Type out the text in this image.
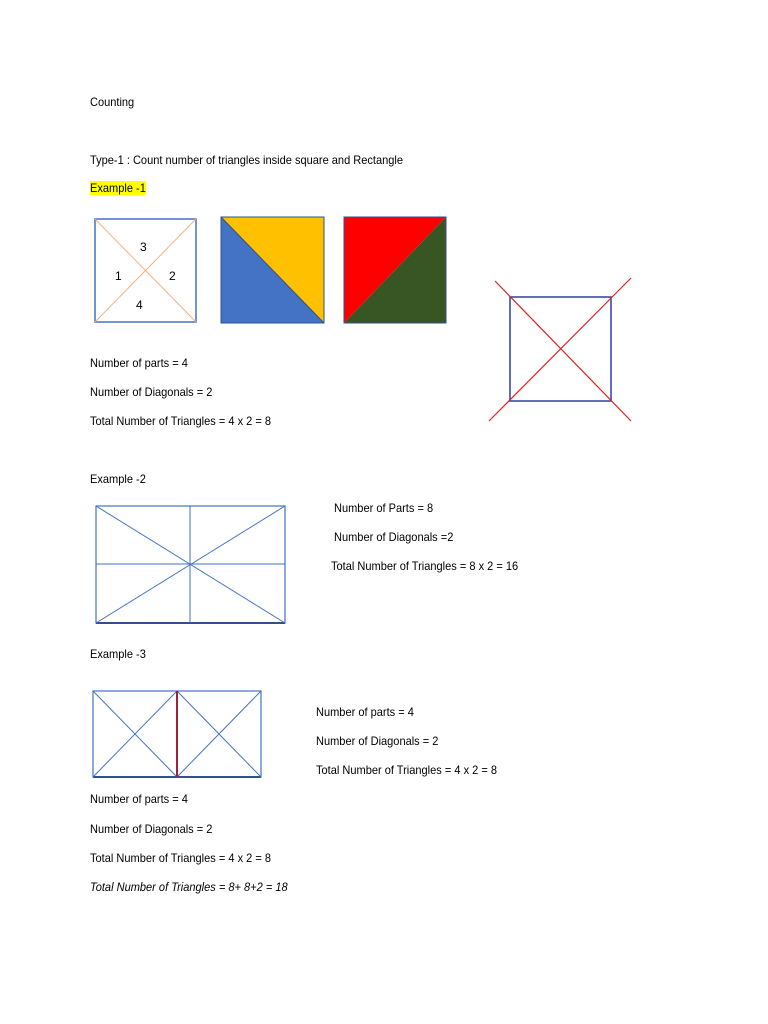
Counting
Type-1 : Count number of triangles inside square and Rectangle
Example -1
1	2
3
4
Number of parts = 4
Number of Diagonals = 2
Total Number of Triangles = 4 x 2 = 8
Example -2
Number of Parts = 8
Number of Diagonals =2
Total Number of Triangles = 8 x 2 = 16
Example -3
Number of parts = 4
Number of Diagonals = 2
Total Number of Triangles = 4 x 2 = 8
Number of parts = 4
Number of Diagonals = 2
Total Number of Triangles = 4 x 2 = 8
Total Number of Triangles = 8+ 8+2 = 18
